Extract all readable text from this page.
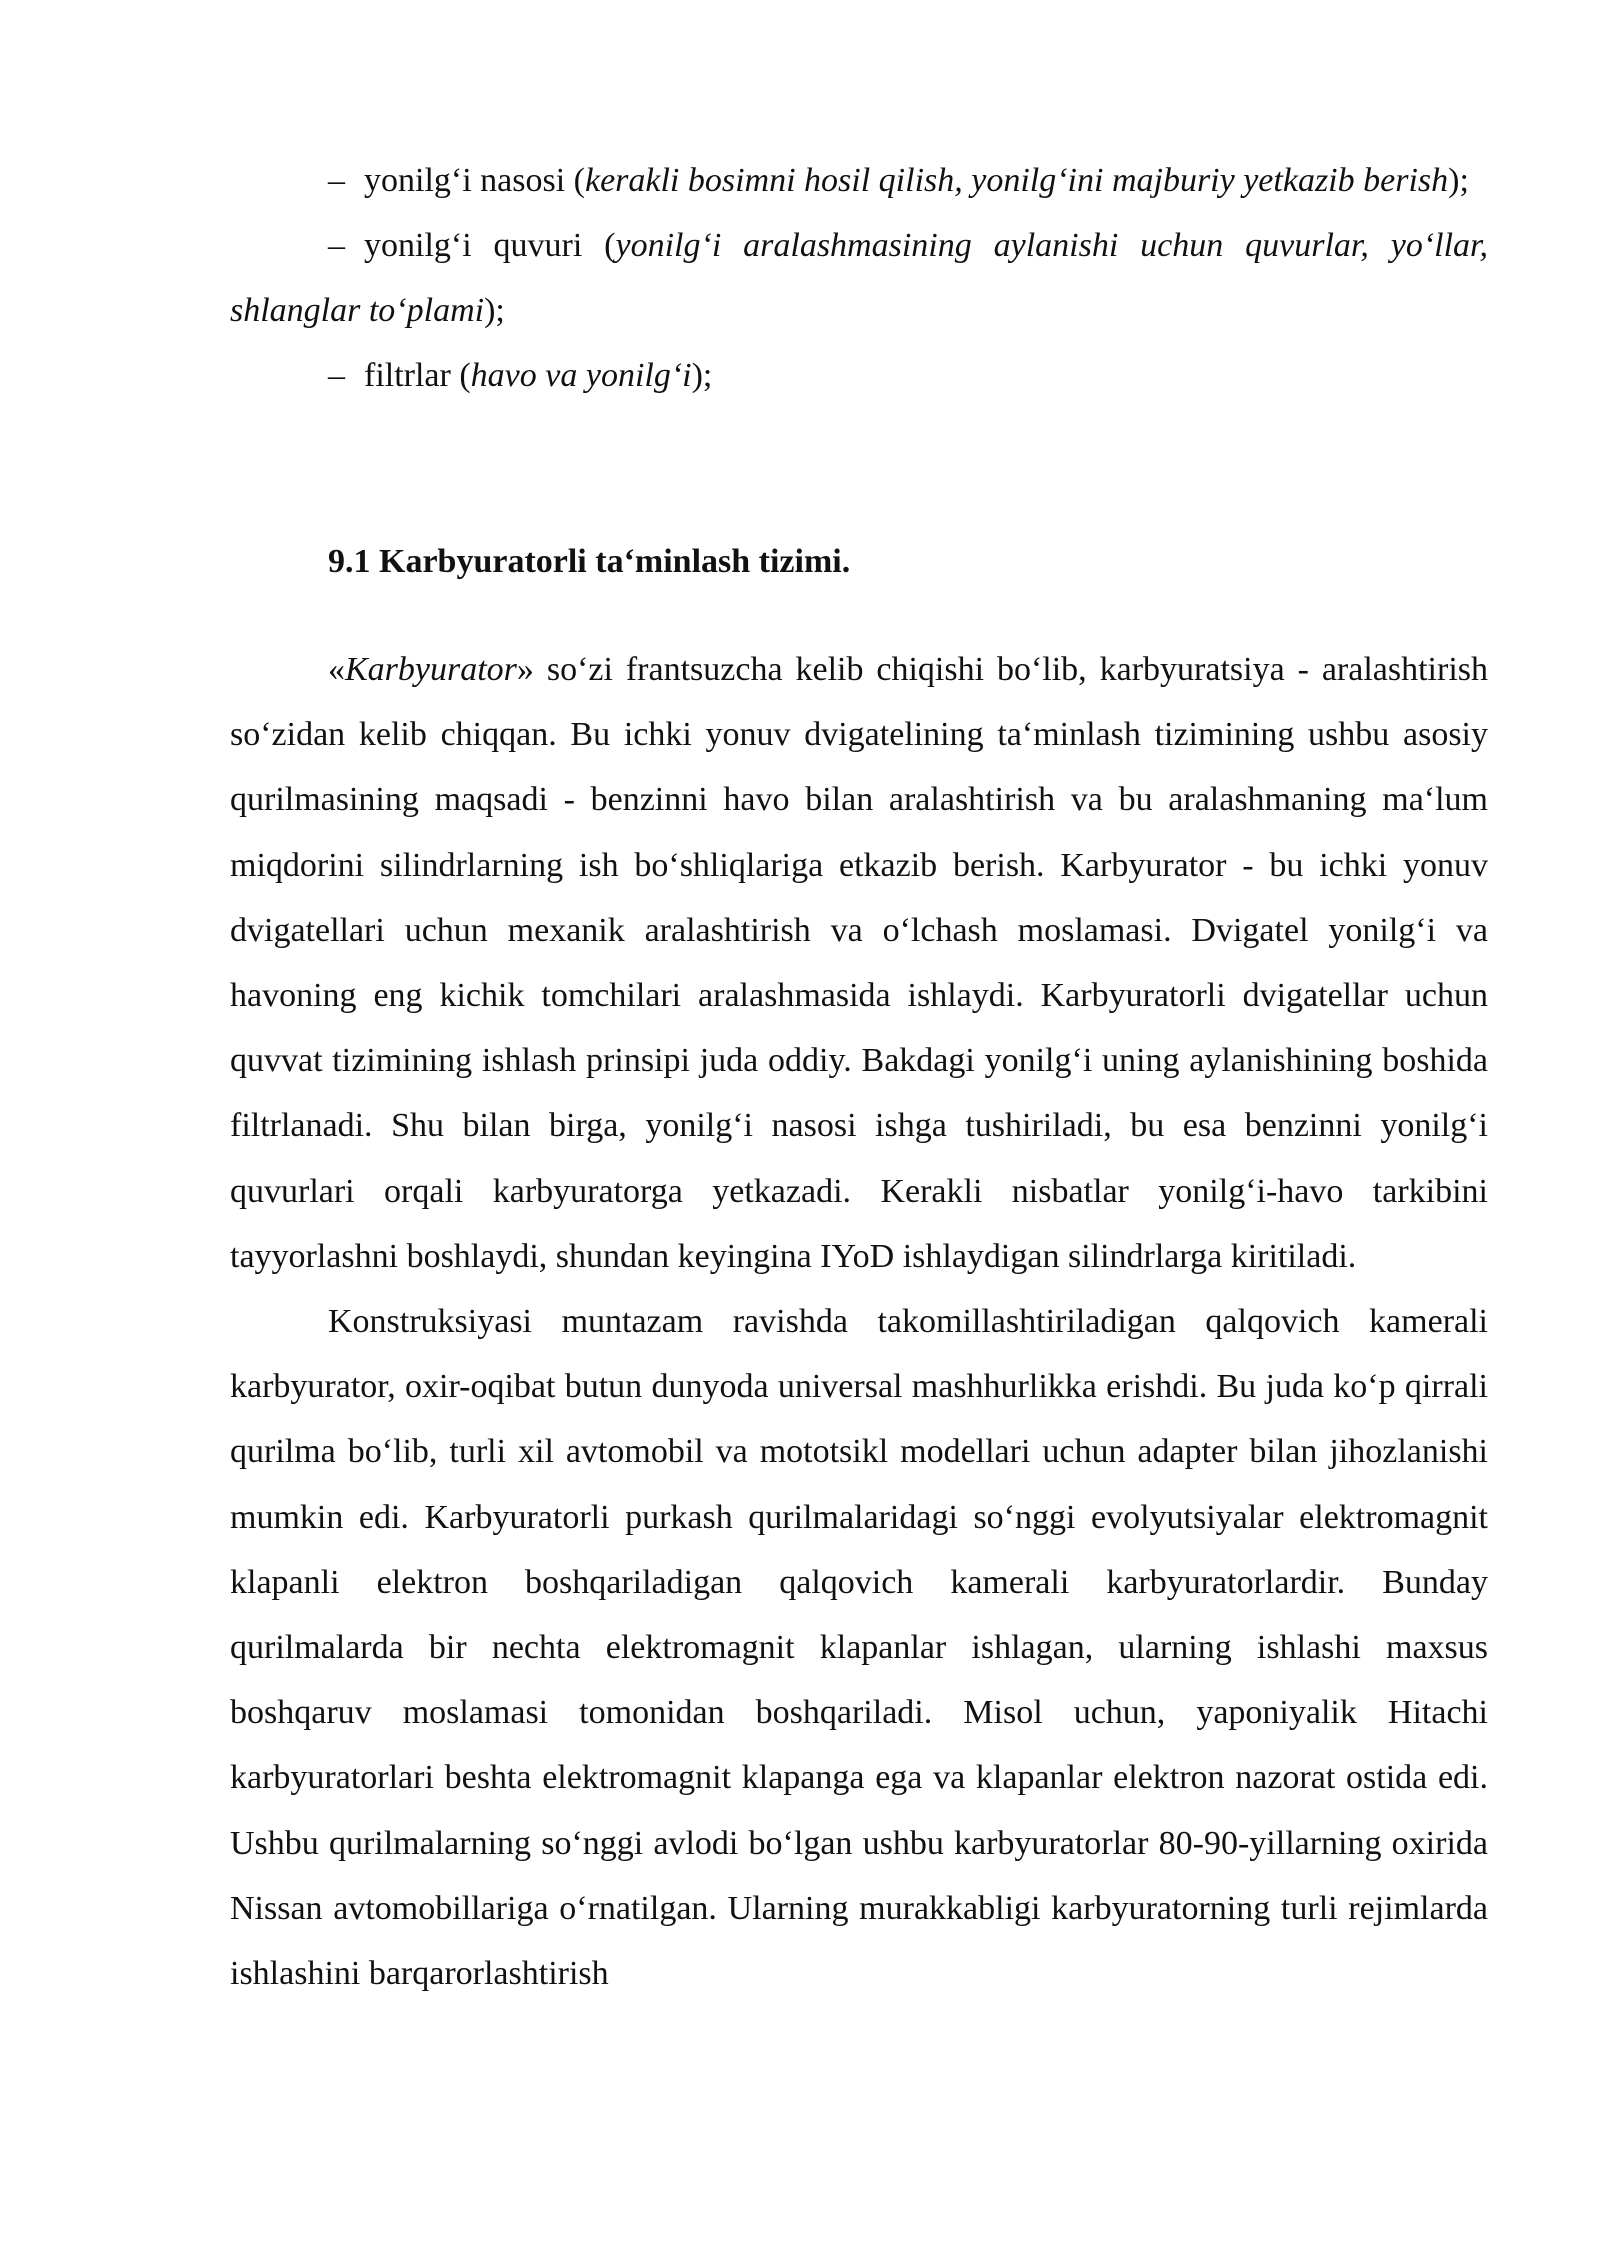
– yonilg‘i nasosi (kerakli bosimni hosil qilish, yonilg‘ini majburiy yetkazib berish);

– yonilg‘i quvuri (yonilg‘i aralashmasining aylanishi uchun quvurlar, yo‘llar, shlanglar to‘plami);

– filtrlar (havo va yonilg‘i);

9.1 Karbyuratorli ta‘minlash tizimi.

«Karbyurator» so‘zi frantsuzcha kelib chiqishi bo‘lib, karbyuratsiya - aralashtirish so‘zidan kelib chiqqan. Bu ichki yonuv dvigatelining ta‘minlash tizimining ushbu asosiy qurilmasining maqsadi - benzinni havo bilan aralashtirish va bu aralashmaning ma‘lum miqdorini silindrlarning ish bo‘shliqlariga etkazib berish. Karbyurator - bu ichki yonuv dvigatellari uchun mexanik aralashtirish va o‘lchash moslamasi. Dvigatel yonilg‘i va havoning eng kichik tomchilari aralashmasida ishlaydi. Karbyuratorli dvigatellar uchun quvvat tizimining ishlash prinsipi juda oddiy. Bakdagi yonilg‘i uning aylanishining boshida filtrlanadi. Shu bilan birga, yonilg‘i nasosi ishga tushiriladi, bu esa benzinni yonilg‘i quvurlari orqali karbyuratorga yetkazadi. Kerakli nisbatlar yonilg‘i-havo tarkibini tayyorlashni boshlaydi, shundan keyingina IYoD ishlaydigan silindrlarga kiritiladi.

Konstruksiyasi muntazam ravishda takomillashtiriladigan qalqovich kamerali karbyurator, oxir-oqibat butun dunyoda universal mashhurlikka erishdi. Bu juda ko‘p qirrali qurilma bo‘lib, turli xil avtomobil va mototsikl modellari uchun adapter bilan jihozlanishi mumkin edi. Karbyuratorli purkash qurilmalaridagi so‘nggi evolyutsiyalar elektromagnit klapanli elektron boshqariladigan qalqovich kamerali karbyuratorlardir. Bunday qurilmalarda bir nechta elektromagnit klapanlar ishlagan, ularning ishlashi maxsus boshqaruv moslamasi tomonidan boshqariladi. Misol uchun, yaponiyalik Hitachi karbyuratorlari beshta elektromagnit klapanga ega va klapanlar elektron nazorat ostida edi. Ushbu qurilmalarning so‘nggi avlodi bo‘lgan ushbu karbyuratorlar 80-90-yillarning oxirida Nissan avtomobillariga o‘rnatilgan. Ularning murakkabligi karbyuratorning turli rejimlarda ishlashini barqarorlashtirish
